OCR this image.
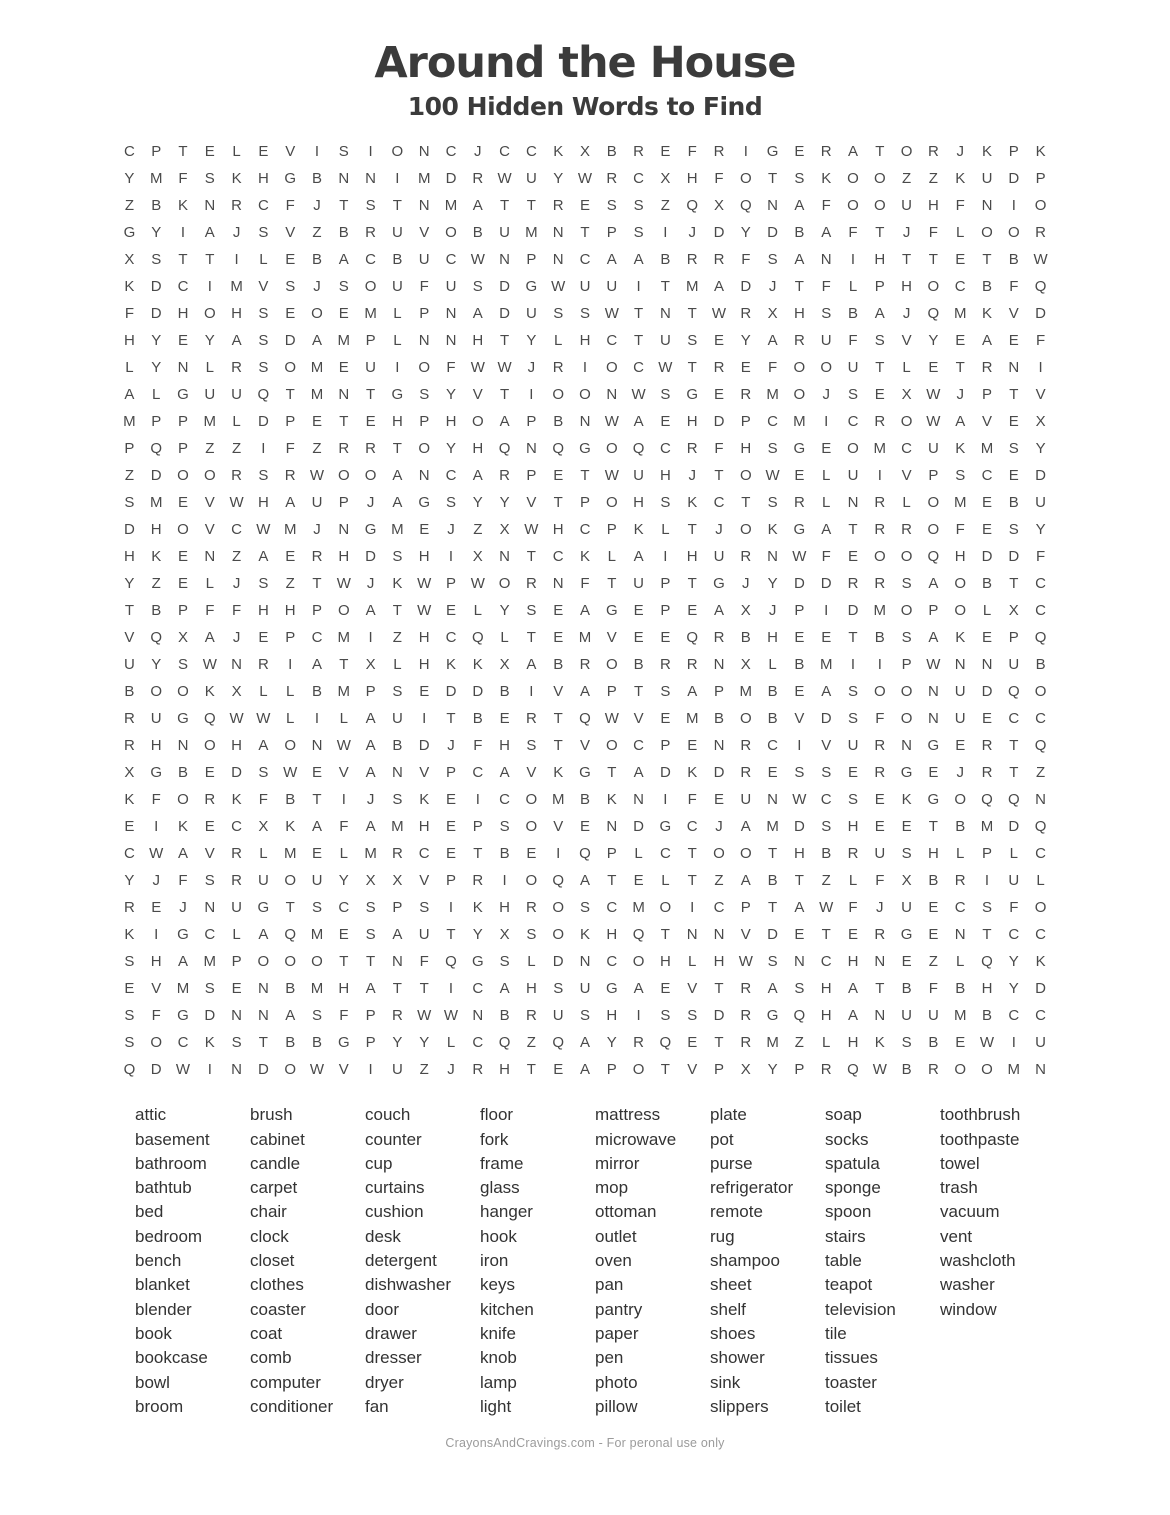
Around the House
100 Hidden Words to Find
C	P	T	E	L	E	V	I	S	I	O	N	C	J	C	C	K	X	B	R	E	F	R	I	G	E	R	A	T	O	R	J	K	P	K
Y	M	F	S	K	H	G	B	N	N	I	M	D	R W U	Y W R	C	X	H	F	O	T	S	K	O	O	Z	Z	K	U	D	P
Z	B	K	N	R	C	F	J	T	S	T	N	M	A	T	T	R	E	S	S	Z	Q	X	Q	N	A	F	O	O	U	H	F	N	I	O
G	Y	I	A	J	S	V	Z	B	R	U	V	O	B	U	M	N	T	P	S	I	J	D	Y	D	B	A	F	T	J	F	L	O	O	R
X	S	T	T	I	L	E	B	A	C	B	U	C W N	P	N	C	A	A	B	R	R	F	S	A	N	I	H	T	T	E	T	B W
K	D	C	I	M	V	S	J	S	O	U	F	U	S	D	G W U	U	I	T	M	A	D	J	T	F	L	P	H	O	C	B	F	Q
F	D	H	O	H	S	E	O	E	M	L	P	N	A	D	U	S	S W	T	N	T	W R	X	H	S	B	A	J	Q M	K	V	D
H	Y	E	Y	A	S	D	A	M	P	L	N	N	H	T	Y	L	H	C	T	U	S	E	Y	A	R	U	F	S	V	Y	E	A	E	F
L	Y	N	L	R	S	O M	E	U	I	O	F	W W	J	R	I	O	C W	T	R	E	F	O	O	U	T	L	E	T	R	N	I
A	L	G	U	U	Q	T	M	N	T	G	S	Y	V	T	I	O	O	N W S	G	E	R	M O	J	S	E	X W	J	P	T	V
M	P	P	M	L	D	P	E	T	E	H	P	H	O	A	P	B	N W A	E	H	D	P	C	M	I	C	R	O W A	V	E	X
P	Q	P	Z	Z	I	F	Z	R	R	T	O	Y	H	Q	N	Q	G	O	Q	C	R	F	H	S	G	E	O M	C	U	K	M	S	Y
Z	D	O	O	R	S	R W O	O	A	N	C	A	R	P	E	T	W U	H	J	T	O W E	L	U	I	V	P	S	C	E	D
S	M	E	V W H	A	U	P	J	A	G	S	Y	Y	V	T	P	O	H	S	K	C	T	S	R	L	N	R	L	O M	E	B	U
D	H	O	V	C W M	J	N	G M	E	J	Z	X W H	C	P	K	L	T	J	O	K	G	A	T	R	R	O	F	E	S	Y
H	K	E	N	Z	A	E	R	H	D	S	H	I	X	N	T	C	K	L	A	I	H	U	R	N W	F	E	O	O	Q	H	D	D	F
Y	Z	E	L	J	S	Z	T	W	J	K W P W O	R	N	F	T	U	P	T	G	J	Y	D	D	R	R	S	A	O	B	T	C
T	B	P	F	F	H	H	P	O	A	T	W E	L	Y	S	E	A	G	E	P	E	A	X	J	P	I	D	M O	P	O	L	X	C
V	Q	X	A	J	E	P	C	M	I	Z	H	C	Q	L	T	E	M	V	E	E	Q	R	B	H	E	E	T	B	S	A	K	E	P	Q
U	Y	S W N	R	I	A	T	X	L	H	K	K	X	A	B	R	O	B	R	R	N	X	L	B	M	I	I	P W N	N	U	B
B	O	O	K	X	L	L	B	M	P	S	E	D	D	B	I	V	A	P	T	S	A	P	M	B	E	A	S	O	O	N	U	D	Q	O
R	U	G	Q W W	L	I	L	A	U	I	T	B	E	R	T	Q W V	E	M	B	O	B	V	D	S	F	O	N	U	E	C	C
R	H	N	O	H	A	O	N W A	B	D	J	F	H	S	T	V	O	C	P	E	N	R	C	I	V	U	R	N	G	E	R	T	Q
X	G	B	E	D	S W E	V	A	N	V	P	C	A	V	K	G	T	A	D	K	D	R	E	S	S	E	R	G	E	J	R	T	Z
K	F	O	R	K	F	B	T	I	J	S	K	E	I	C	O M	B	K	N	I	F	E	U	N W C	S	E	K	G	O	Q	Q	N
E	I	K	E	C	X	K	A	F	A	M	H	E	P	S	O	V	E	N	D	G	C	J	A	M	D	S	H	E	E	T	B	M	D	Q
C W A	V	R	L	M	E	L	M	R	C	E	T	B	E	I	Q	P	L	C	T	O	O	T	H	B	R	U	S	H	L	P	L	C
Y	J	F	S	R	U	O	U	Y	X	X	V	P	R	I	O	Q	A	T	E	L	T	Z	A	B	T	Z	L	F	X	B	R	I	U	L
R	E	J	N	U	G	T	S	C	S	P	S	I	K	H	R	O	S	C	M O	I	C	P	T	A W	F	J	U	E	C	S	F	O
K	I	G	C	L	A	Q M	E	S	A	U	T	Y	X	S	O	K	H	Q	T	N	N	V	D	E	T	E	R	G	E	N	T	C	C
S	H	A	M	P	O	O	O	T	T	N	F	Q	G	S	L	D	N	C	O	H	L	H W S	N	C	H	N	E	Z	L	Q	Y	K
E	V	M	S	E	N	B	M	H	A	T	T	I	C	A	H	S	U	G	A	E	V	T	R	A	S	H	A	T	B	F	B	H	Y	D
S	F	G	D	N	N	A	S	F	P	R W W N	B	R	U	S	H	I	S	S	D	R	G	Q	H	A	N	U	U	M	B	C	C
S	O	C	K	S	T	B	B	G	P	Y	Y	L	C	Q	Z	Q	A	Y	R	Q	E	T	R	M	Z	L	H	K	S	B	E W	I	U
Q	D W	I	N	D	O W V	I	U	Z	J	R	H	T	E	A	P	O	T	V	P	X	Y	P	R	Q W B	R	O	O M	N
attic
basement
bathroom
bathtub
bed
bedroom
bench
blanket
blender
book
bookcase
bowl
broom
brush
cabinet
candle
carpet
chair
clock
closet
clothes
coaster
coat
comb
computer
conditioner
couch
counter
cup
curtains
cushion
desk
detergent
dishwasher
door
drawer
dresser
dryer
fan
floor
fork
frame
glass
hanger
hook
iron
keys
kitchen
knife
knob
lamp
light
mattress
microwave
mirror
mop
ottoman
outlet
oven
pan
pantry
paper
pen
photo
pillow
plate
pot
purse
refrigerator
remote
rug
shampoo
sheet
shelf
shoes
shower
sink
slippers
soap
socks
spatula
sponge
spoon
stairs
table
teapot
television
tile
tissues
toaster
toilet
toothbrush
toothpaste
towel
trash
vacuum
vent
washcloth
washer
window
CrayonsAndCravings.com - For peronal use only
